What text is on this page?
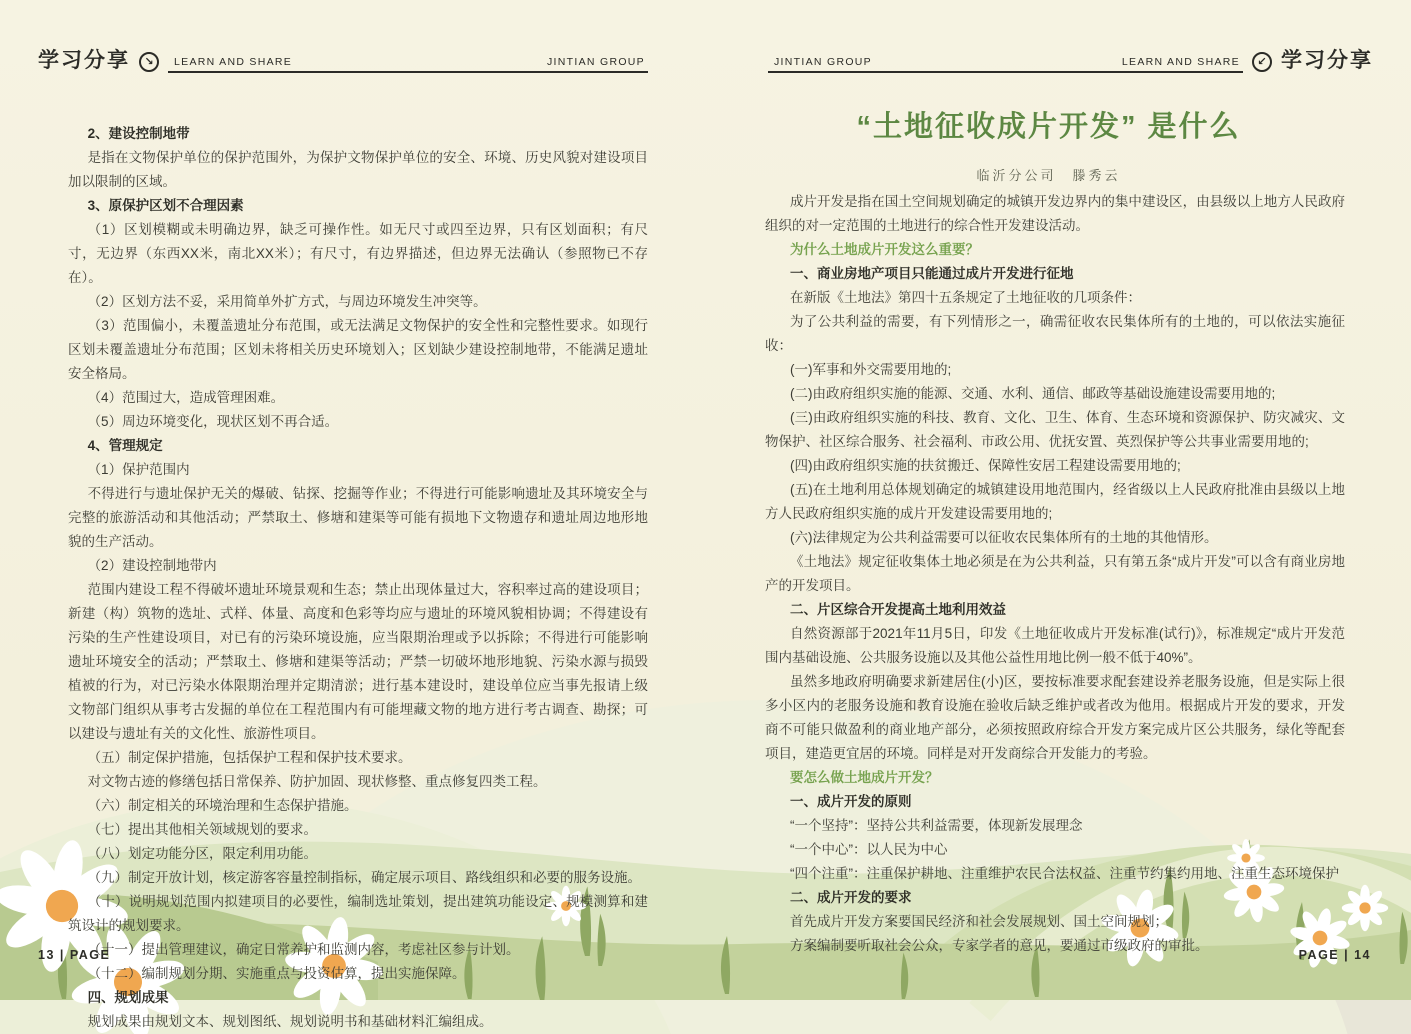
学习分享	↘	LEARN AND SHARE	JINTIAN GROUP

2、建设控制地带

是指在文物保护单位的保护范围外，为保护文物保护单位的安全、环境、历史风貌对建设项目加以限制的区域。

3、原保护区划不合理因素

（1）区划模糊或未明确边界，缺乏可操作性。如无尺寸或四至边界，只有区划面积；有尺寸，无边界（东西XX米，南北XX米）；有尺寸，有边界描述，但边界无法确认（参照物已不存在）。

（2）区划方法不妥，采用简单外扩方式，与周边环境发生冲突等。

（3）范围偏小，未覆盖遗址分布范围，或无法满足文物保护的安全性和完整性要求。如现行区划未覆盖遗址分布范围；区划未将相关历史环境划入；区划缺少建设控制地带，不能满足遗址安全格局。

（4）范围过大，造成管理困难。

（5）周边环境变化，现状区划不再合适。

4、管理规定

（1）保护范围内

不得进行与遗址保护无关的爆破、钻探、挖掘等作业；不得进行可能影响遗址及其环境安全与完整的旅游活动和其他活动；严禁取土、修塘和建渠等可能有损地下文物遗存和遗址周边地形地貌的生产活动。

（2）建设控制地带内

范围内建设工程不得破坏遗址环境景观和生态；禁止出现体量过大，容积率过高的建设项目；新建（构）筑物的选址、式样、体量、高度和色彩等均应与遗址的环境风貌相协调；不得建设有污染的生产性建设项目，对已有的污染环境设施，应当限期治理或予以拆除；不得进行可能影响遗址环境安全的活动；严禁取土、修塘和建渠等活动；严禁一切破坏地形地貌、污染水源与损毁植被的行为，对已污染水体限期治理并定期清淤；进行基本建设时，建设单位应当事先报请上级文物部门组织从事考古发掘的单位在工程范围内有可能埋藏文物的地方进行考古调查、勘探；可以建设与遗址有关的文化性、旅游性项目。

（五）制定保护措施，包括保护工程和保护技术要求。

对文物古迹的修缮包括日常保养、防护加固、现状修整、重点修复四类工程。

（六）制定相关的环境治理和生态保护措施。

（七）提出其他相关领域规划的要求。

（八）划定功能分区，限定利用功能。

（九）制定开放计划，核定游客容量控制指标，确定展示项目、路线组织和必要的服务设施。

（十）说明规划范围内拟建项目的必要性，编制选址策划，提出建筑功能设定、规模测算和建筑设计的规划要求。

（十一）提出管理建议，确定日常养护和监测内容，考虑社区参与计划。

（十二）编制规划分期、实施重点与投资估算，提出实施保障。

四、规划成果

规划成果由规划文本、规划图纸、规划说明书和基础材料汇编组成。

13 | PAGE
JINTIAN GROUP	LEARN AND SHARE	↙ 学习分享
“土地征收成片开发” 是什么
临沂分公司　滕秀云

成片开发是指在国土空间规划确定的城镇开发边界内的集中建设区，由县级以上地方人民政府组织的对一定范围的土地进行的综合性开发建设活动。

为什么土地成片开发这么重要？

一、商业房地产项目只能通过成片开发进行征地

在新版《土地法》第四十五条规定了土地征收的几项条件：

为了公共利益的需要，有下列情形之一，确需征收农民集体所有的土地的，可以依法实施征收：

(一)军事和外交需要用地的;

(二)由政府组织实施的能源、交通、水利、通信、邮政等基础设施建设需要用地的;

(三)由政府组织实施的科技、教育、文化、卫生、体育、生态环境和资源保护、防灾减灾、文物保护、社区综合服务、社会福利、市政公用、优抚安置、英烈保护等公共事业需要用地的;

(四)由政府组织实施的扶贫搬迁、保障性安居工程建设需要用地的;

(五)在土地利用总体规划确定的城镇建设用地范围内，经省级以上人民政府批准由县级以上地方人民政府组织实施的成片开发建设需要用地的;

(六)法律规定为公共利益需要可以征收农民集体所有的土地的其他情形。

《土地法》规定征收集体土地必须是在为公共利益，只有第五条“成片开发”可以含有商业房地产的开发项目。

二、片区综合开发提高土地利用效益

自然资源部于2021年11月5日，印发《土地征收成片开发标准(试行)》，标准规定“成片开发范围内基础设施、公共服务设施以及其他公益性用地比例一般不低于40%”。

虽然多地政府明确要求新建居住(小)区，要按标准要求配套建设养老服务设施，但是实际上很多小区内的老服务设施和教育设施在验收后缺乏维护或者改为他用。根据成片开发的要求，开发商不可能只做盈利的商业地产部分，必须按照政府综合开发方案完成片区公共服务，绿化等配套项目，建造更宜居的环境。同样是对开发商综合开发能力的考验。

要怎么做土地成片开发？

一、成片开发的原则

“一个坚持”：坚持公共利益需要，体现新发展理念

“一个中心”：以人民为中心

“四个注重”：注重保护耕地、注重维护农民合法权益、注重节约集约用地、注重生态环境保护

二、成片开发的要求

首先成片开发方案要国民经济和社会发展规划、国土空间规划；

方案编制要听取社会公众，专家学者的意见，要通过市级政府的审批。

PAGE | 14
